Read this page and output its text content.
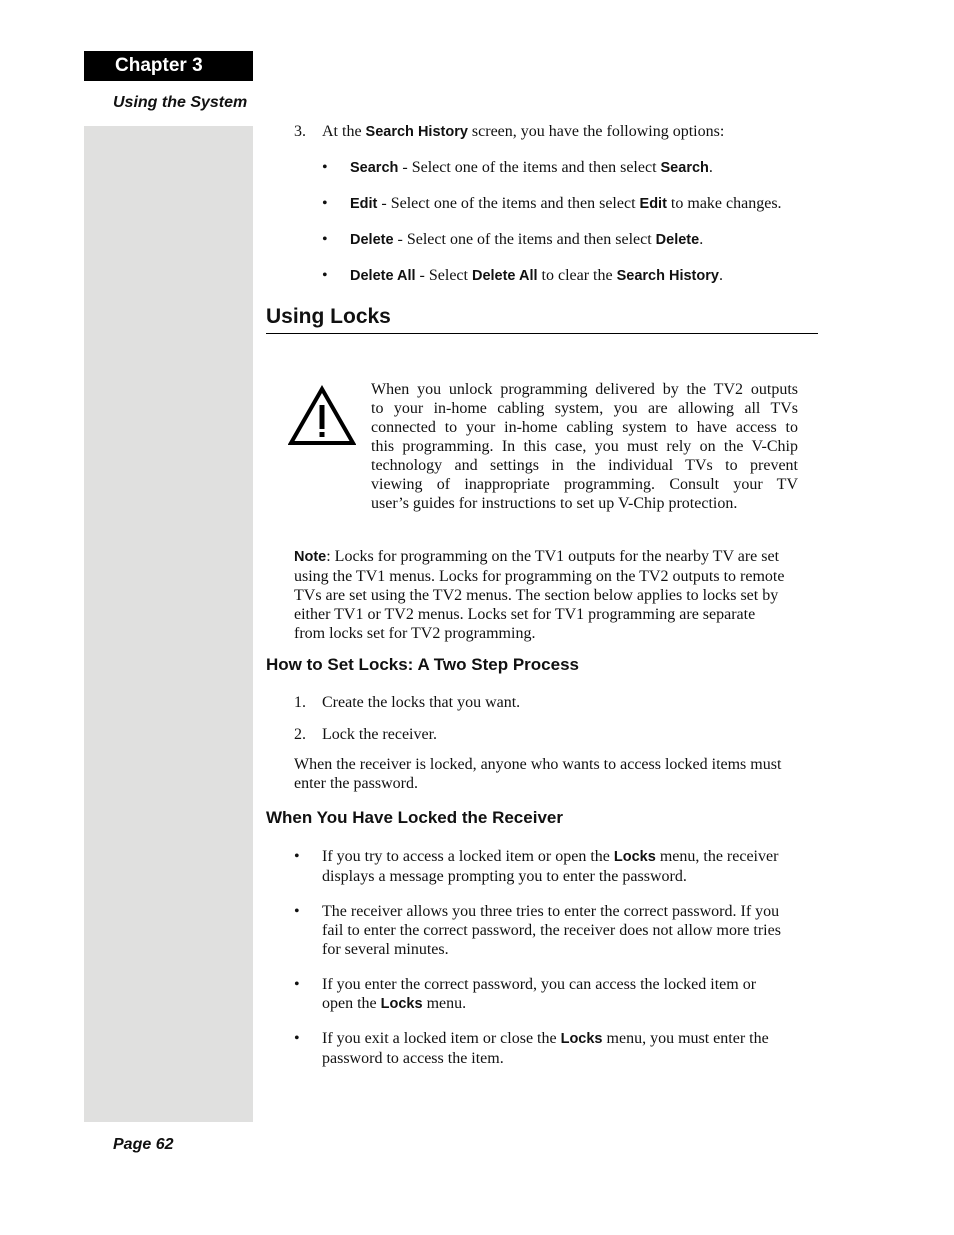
Chapter 3
Using the System
3. At the Search History screen, you have the following options:

• Search - Select one of the items and then select Search.

• Edit - Select one of the items and then select Edit to make changes.

• Delete - Select one of the items and then select Delete.

• Delete All - Select Delete All to clear the Search History.

Using Locks
When you unlock programming delivered by the TV2 outputs
to your in-home cabling system, you are allowing all TVs
connected to your in-home cabling system to have access to
this programming. In this case, you must rely on the V-Chip
technology and settings in the individual TVs to prevent
viewing of inappropriate programming. Consult your TV
user’s guides for instructions to set up V-Chip protection.
Note: Locks for programming on the TV1 outputs for the nearby TV are set
using the TV1 menus. Locks for programming on the TV2 outputs to remote
TVs are set using the TV2 menus. The section below applies to locks set by
either TV1 or TV2 menus. Locks set for TV1 programming are separate
from locks set for TV2 programming.
How to Set Locks: A Two Step Process
1. Create the locks that you want.
2. Lock the receiver.
When the receiver is locked, anyone who wants to access locked items must
enter the password.
When You Have Locked the Receiver
• If you try to access a locked item or open the Locks menu, the receiver
displays a message prompting you to enter the password.
• The receiver allows you three tries to enter the correct password. If you
fail to enter the correct password, the receiver does not allow more tries
for several minutes.
• If you enter the correct password, you can access the locked item or
open the Locks menu.
• If you exit a locked item or close the Locks menu, you must enter the
password to access the item.
Page 62
